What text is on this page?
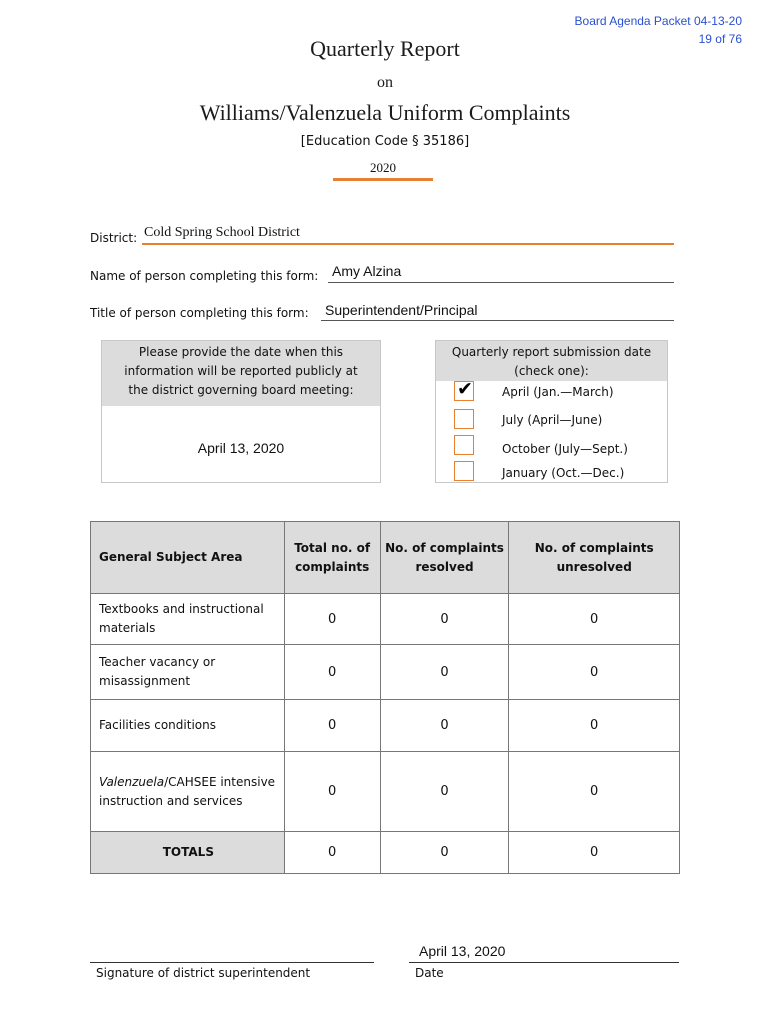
Board Agenda Packet 04-13-20
19 of 76
Quarterly Report
on
Williams/Valenzuela Uniform Complaints
[Education Code § 35186]
2020
District: Cold Spring School District
Name of person completing this form: Amy Alzina
Title of person completing this form: Superintendent/Principal
Please provide the date when this information will be reported publicly at the district governing board meeting:
April 13, 2020
Quarterly report submission date (check one):
✔ April (Jan.—March)
July (April—June)
October (July—Sept.)
January (Oct.—Dec.)
General Subject Area	Total no. of complaints	No. of complaints resolved	No. of complaints unresolved
Textbooks and instructional materials	0	0	0
Teacher vacancy or misassignment	0	0	0
Facilities conditions	0	0	0
Valenzuela/CAHSEE intensive instruction and services	0	0	0
TOTALS	0	0	0
Signature of district superintendent
April 13, 2020
Date
